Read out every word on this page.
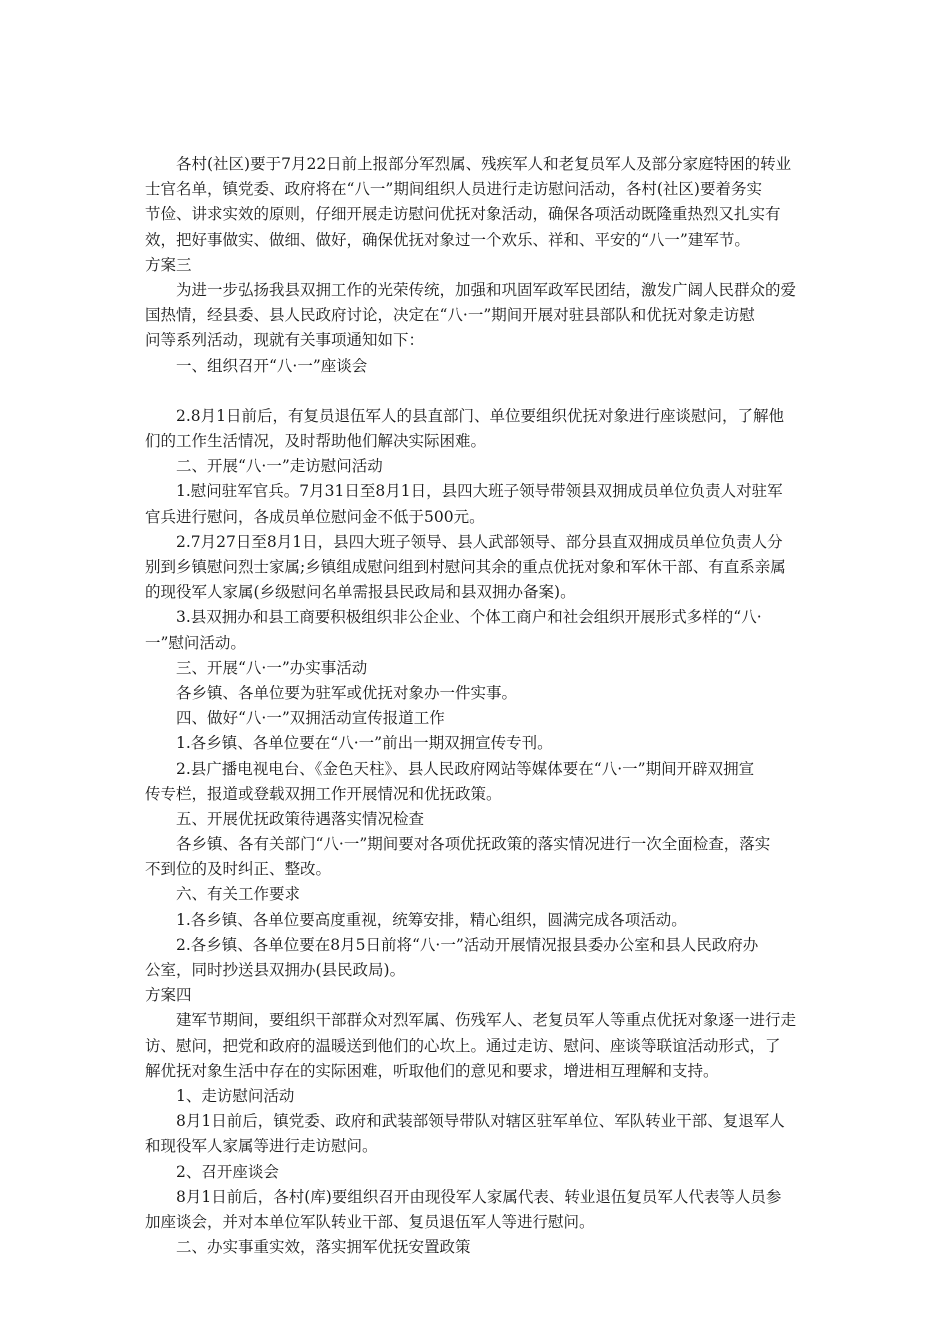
　　各村(社区)要于7月22日前上报部分军烈属、残疾军人和老复员军人及部分家庭特困的转业
士官名单，镇党委、政府将在“八一”期间组织人员进行走访慰问活动，各村(社区)要着务实
节俭、讲求实效的原则，仔细开展走访慰问优抚对象活动，确保各项活动既隆重热烈又扎实有
效，把好事做实、做细、做好，确保优抚对象过一个欢乐、祥和、平安的“八一”建军节。
方案三
　　为进一步弘扬我县双拥工作的光荣传统，加强和巩固军政军民团结，激发广阔人民群众的爱
国热情，经县委、县人民政府讨论，决定在“八·一”期间开展对驻县部队和优抚对象走访慰
问等系列活动，现就有关事项通知如下：
　　一、组织召开“八·一”座谈会
　　2.8月1日前后，有复员退伍军人的县直部门、单位要组织优抚对象进行座谈慰问，了解他
们的工作生活情况，及时帮助他们解决实际困难。
　　二、开展“八·一”走访慰问活动
　　1.慰问驻军官兵。7月31日至8月1日，县四大班子领导带领县双拥成员单位负责人对驻军
官兵进行慰问，各成员单位慰问金不低于500元。
　　2.7月27日至8月1日，县四大班子领导、县人武部领导、部分县直双拥成员单位负责人分
别到乡镇慰问烈士家属;乡镇组成慰问组到村慰问其余的重点优抚对象和军休干部、有直系亲属
的现役军人家属(乡级慰问名单需报县民政局和县双拥办备案)。
　　3.县双拥办和县工商要积极组织非公企业、个体工商户和社会组织开展形式多样的“八·
一”慰问活动。
　　三、开展“八·一”办实事活动
　　各乡镇、各单位要为驻军或优抚对象办一件实事。
　　四、做好“八·一”双拥活动宣传报道工作
　　1.各乡镇、各单位要在“八·一”前出一期双拥宣传专刊。
　　2.县广播电视电台、《金色天柱》、县人民政府网站等媒体要在“八·一”期间开辟双拥宣
传专栏，报道或登载双拥工作开展情况和优抚政策。
　　五、开展优抚政策待遇落实情况检查
　　各乡镇、各有关部门“八·一”期间要对各项优抚政策的落实情况进行一次全面检查，落实
不到位的及时纠正、整改。
　　六、有关工作要求
　　1.各乡镇、各单位要高度重视，统筹安排，精心组织，圆满完成各项活动。
　　2.各乡镇、各单位要在8月5日前将“八·一”活动开展情况报县委办公室和县人民政府办
公室，同时抄送县双拥办(县民政局)。
方案四
　　建军节期间，要组织干部群众对烈军属、伤残军人、老复员军人等重点优抚对象逐一进行走
访、慰问，把党和政府的温暖送到他们的心坎上。通过走访、慰问、座谈等联谊活动形式，了
解优抚对象生活中存在的实际困难，听取他们的意见和要求，增进相互理解和支持。
　　1、走访慰问活动
　　8月1日前后，镇党委、政府和武装部领导带队对辖区驻军单位、军队转业干部、复退军人
和现役军人家属等进行走访慰问。
　　2、召开座谈会
　　8月1日前后，各村(库)要组织召开由现役军人家属代表、转业退伍复员军人代表等人员参
加座谈会，并对本单位军队转业干部、复员退伍军人等进行慰问。
　　二、办实事重实效，落实拥军优抚安置政策
